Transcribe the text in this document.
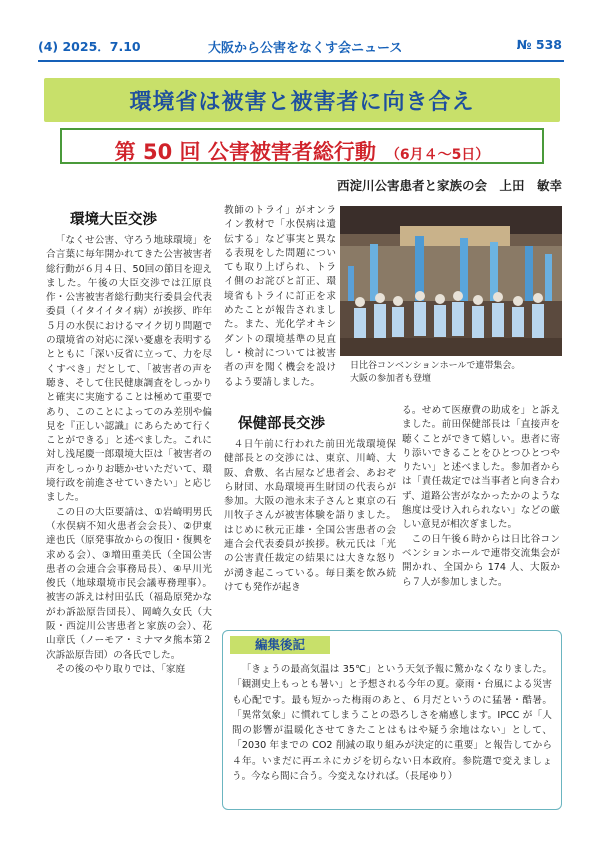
(4) 2025．7.10	大阪から公害をなくす会ニュース	№ 538
環境省は被害と被害者に向き合え
第 50 回 公害被害者総行動 （6月４～5日）
西淀川公害患者と家族の会　上田　敏幸
環境大臣交渉

「なくせ公害、守ろう地球環境」を合言葉に毎年開かれてきた公害被害者総行動が６月４日、50回の節目を迎えました。午後の大臣交渉では江原良作・公害被害者総行動実行委員会代表委員（イタイイタイ病）が挨拶、昨年５月の水俣におけるマイク切り問題での環境省の対応に深い憂慮を表明するとともに「深い反省に立って、力を尽くすべき」だとして、「被害者の声を聴き、そして住民健康調査をしっかりと確実に実施することは極めて重要であり、このことによってのみ差別や偏見を『正しい認識』にあらためて行くことができる」と述べました。これに対し浅尾慶一郎環境大臣は「被害者の声をしっかりお聴かせいただいて、環境行政を前進させていきたい」と応じました。

この日の大臣要請は、①岩崎明男氏（水俣病不知火患者会会長）、②伊東達也氏（原発事故からの復旧・復興を求める会）、③増田重美氏（全国公害患者の会連合会事務局長）、④早川光俊氏（地球環境市民会議専務理事）。被害の訴えは村田弘氏（福島原発かながわ訴訟原告団長）、岡崎久女氏（大阪・西淀川公害患者と家族の会）、花山章氏（ノーモア・ミナマタ熊本第２次訴訟原告団）の各氏でした。

その後のやり取りでは、「家庭

教師のトライ」がオンライン教材で「水俣病は遺伝する」など事実と異なる表現をした問題についても取り上げられ、トライ側のお詫びと訂正、環境省もトライに訂正を求めたことが報告されました。また、光化学オキシダントの環境基準の見直し・検討については被害者の声を聞く機会を設けるよう要請しました。

日比谷コンベンションホールで連帯集会。
大阪の参加者も登壇
保健部長交渉

４日午前に行われた前田光哉環境保健部長との交渉には、東京、川崎、大阪、倉敷、名古屋など患者会、あおぞら財団、水島環境再生財団の代表らが参加。大阪の池永末子さんと東京の石川牧子さんが被害体験を語りました。はじめに秋元正雄・全国公害患者の会連合会代表委員が挨拶。秋元氏は「光の公害責任裁定の結果には大きな怒りが湧き起こっている。毎日薬を飲み続けても発作が起き

る。せめて医療費の助成を」と訴えました。前田保健部長は「直接声を聴くことができて嬉しい。患者に寄り添いできることをひとつひとつやりたい」と述べました。参加者からは「責任裁定では当事者と向き合わず、道路公害がなかったかのような態度は受け入れられない」などの厳しい意見が相次ぎました。

この日午後６時からは日比谷コンベンションホールで連帯交流集会が開かれ、全国から 174 人、大阪から７人が参加しました。

編集後記

「きょうの最高気温は 35℃」という天気予報に驚かなくなりました。「観測史上もっとも暑い」と予想される今年の夏。豪雨・台風による災害も心配です。最も短かった梅雨のあと、６月だというのに猛暑・酷暑。「異常気象」に慣れてしまうことの恐ろしさを痛感します。IPCC が「人間の影響が温暖化させてきたことはもはや疑う余地はない」として、「2030 年までの CO2 削減の取り組みが決定的に重要」と報告してから４年。いまだに再エネにカジを切らない日本政府。参院選で変えましょう。今なら間に合う。今変えなければ。（長尾ゆり）
